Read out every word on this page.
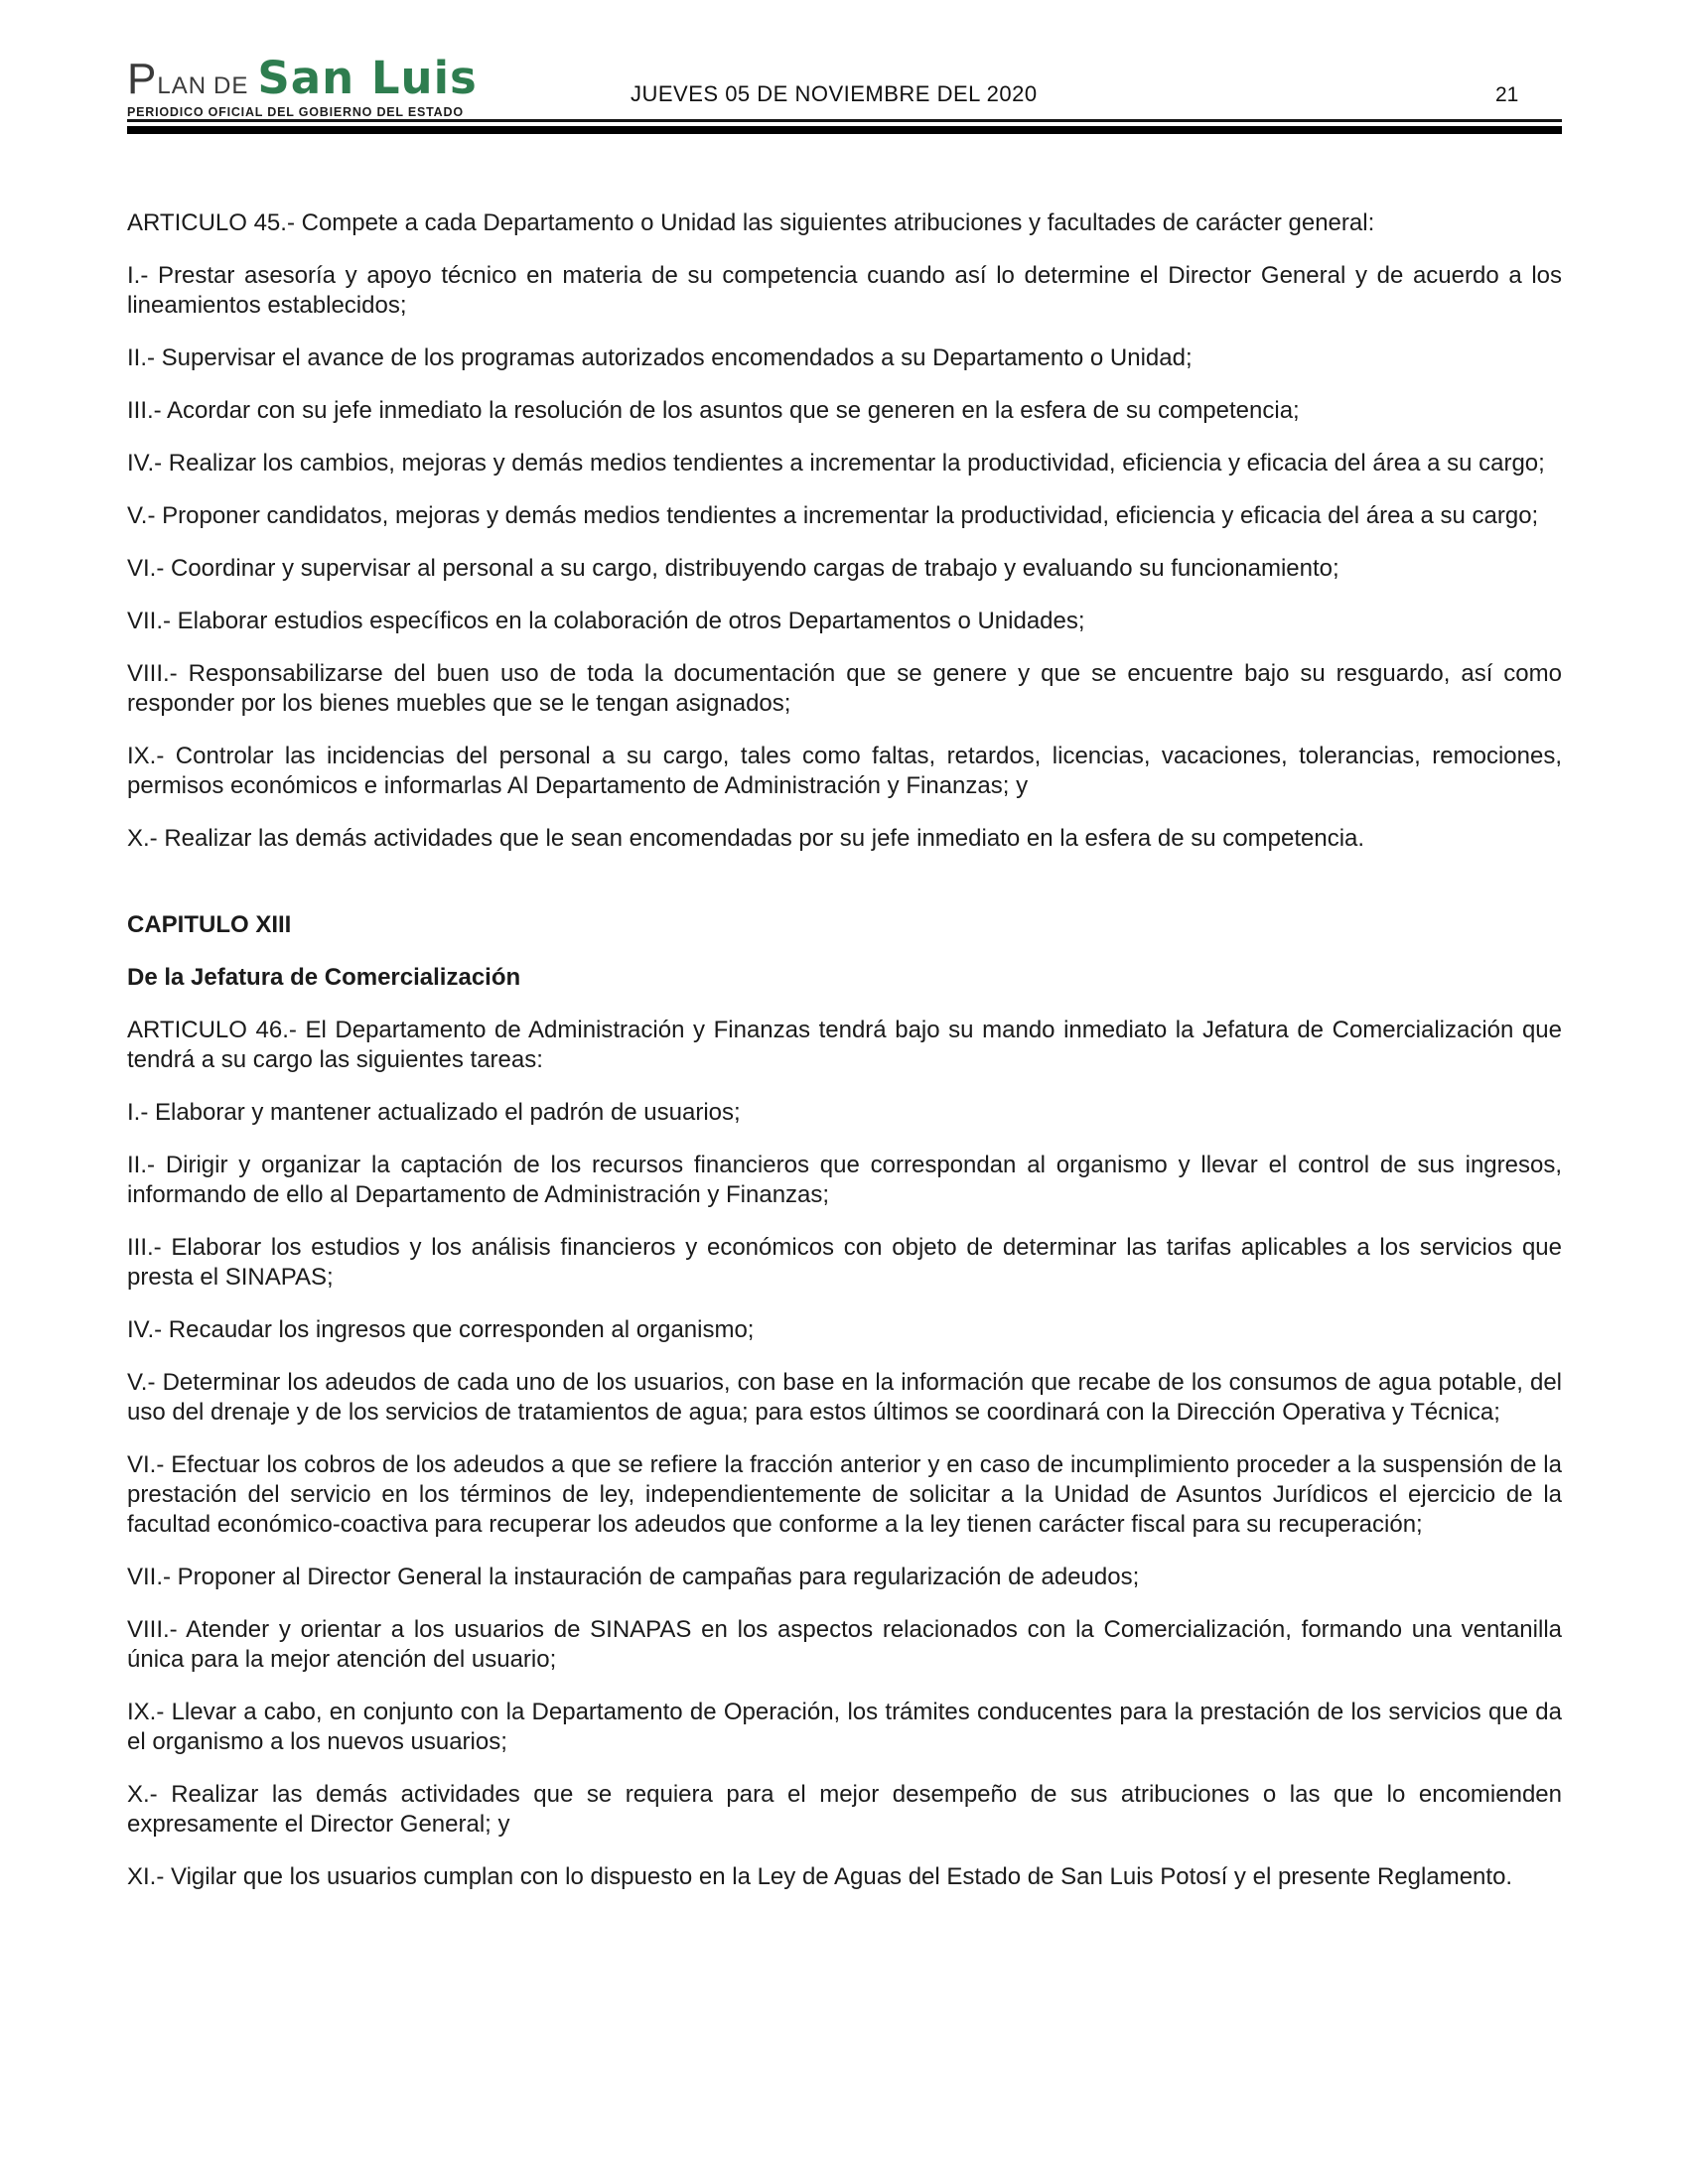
P LAN DE San Luis
PERIODICO OFICIAL DEL GOBIERNO DEL ESTADO
JUEVES 05 DE NOVIEMBRE DEL 2020	21

ARTICULO 45.- Compete a cada Departamento o Unidad las siguientes atribuciones y facultades de carácter general:

I.- Prestar asesoría y apoyo técnico en materia de su competencia cuando así lo determine el Director General y de acuerdo a los lineamientos establecidos;

II.- Supervisar el avance de los programas autorizados encomendados a su Departamento o Unidad;

III.- Acordar con su jefe inmediato la resolución de los asuntos que se generen en la esfera de su competencia;

IV.- Realizar los cambios, mejoras y demás medios tendientes a incrementar la productividad, eficiencia y eficacia del área a su cargo;

V.- Proponer candidatos, mejoras y demás medios tendientes a incrementar la productividad, eficiencia y eficacia del área a su cargo;

VI.- Coordinar y supervisar al personal a su cargo, distribuyendo cargas de trabajo y evaluando su funcionamiento;

VII.- Elaborar estudios específicos en la colaboración de otros Departamentos o Unidades;

VIII.- Responsabilizarse del buen uso de toda la documentación que se genere y que se encuentre bajo su resguardo, así como responder por los bienes muebles que se le tengan asignados;

IX.- Controlar las incidencias del personal a su cargo, tales como faltas, retardos, licencias, vacaciones, tolerancias, remociones, permisos económicos e informarlas Al Departamento de Administración y Finanzas; y

X.- Realizar las demás actividades que le sean encomendadas por su jefe inmediato en la esfera de su competencia.

CAPITULO XIII

De la Jefatura de Comercialización

ARTICULO 46.- El Departamento de Administración y Finanzas tendrá bajo su mando inmediato la Jefatura de Comercialización que tendrá a su cargo las siguientes tareas:

I.- Elaborar y mantener actualizado el padrón de usuarios;

II.- Dirigir y organizar la captación de los recursos financieros que correspondan al organismo y llevar el control de sus ingresos, informando de ello al Departamento de Administración y Finanzas;

III.- Elaborar los estudios y los análisis financieros y económicos con objeto de determinar las tarifas aplicables a los servicios que presta el SINAPAS;

IV.- Recaudar los ingresos que corresponden al organismo;

V.- Determinar los adeudos de cada uno de los usuarios, con base en la información que recabe de los consumos de agua potable, del uso del drenaje y de los servicios de tratamientos de agua; para estos últimos se coordinará con la Dirección Operativa y Técnica;

VI.- Efectuar los cobros de los adeudos a que se refiere la fracción anterior y en caso de incumplimiento proceder a la suspensión de la prestación del servicio en los términos de ley, independientemente de solicitar a la Unidad de Asuntos Jurídicos el ejercicio de la facultad económico-coactiva para recuperar los adeudos que conforme a la ley tienen carácter fiscal para su recuperación;

VII.- Proponer al Director General la instauración de campañas para regularización de adeudos;

VIII.- Atender y orientar a los usuarios de SINAPAS en los aspectos relacionados con la Comercialización, formando una ventanilla única para la mejor atención del usuario;

IX.- Llevar a cabo, en conjunto con la Departamento de Operación, los trámites conducentes para la prestación de los servicios que da el organismo a los nuevos usuarios;

X.- Realizar las demás actividades que se requiera para el mejor desempeño de sus atribuciones o las que lo encomienden expresamente el Director General; y

XI.- Vigilar que los usuarios cumplan con lo dispuesto en la Ley de Aguas del Estado de San Luis Potosí y el presente Reglamento.
